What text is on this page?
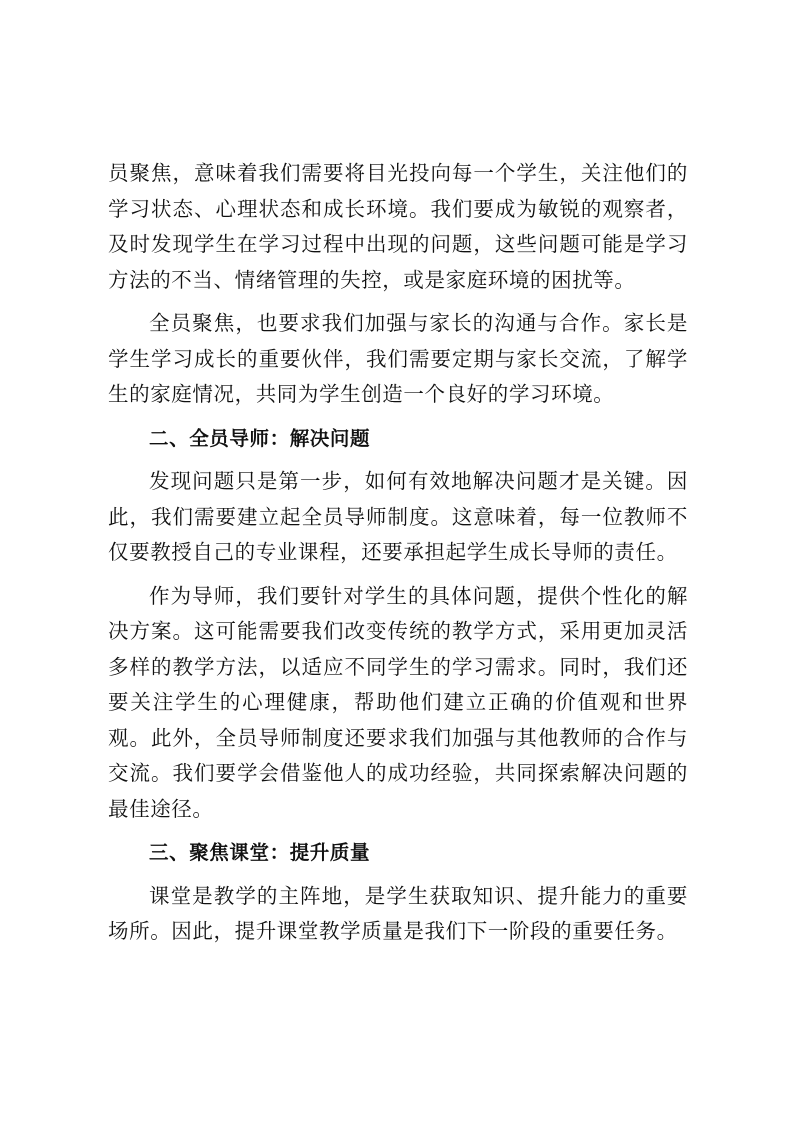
员聚焦，意味着我们需要将目光投向每一个学生，关注他们的学习状态、心理状态和成长环境。我们要成为敏锐的观察者，及时发现学生在学习过程中出现的问题，这些问题可能是学习方法的不当、情绪管理的失控，或是家庭环境的困扰等。

全员聚焦，也要求我们加强与家长的沟通与合作。家长是学生学习成长的重要伙伴，我们需要定期与家长交流，了解学生的家庭情况，共同为学生创造一个良好的学习环境。

二、全员导师：解决问题

发现问题只是第一步，如何有效地解决问题才是关键。因此，我们需要建立起全员导师制度。这意味着，每一位教师不仅要教授自己的专业课程，还要承担起学生成长导师的责任。

作为导师，我们要针对学生的具体问题，提供个性化的解决方案。这可能需要我们改变传统的教学方式，采用更加灵活多样的教学方法，以适应不同学生的学习需求。同时，我们还要关注学生的心理健康，帮助他们建立正确的价值观和世界观。此外，全员导师制度还要求我们加强与其他教师的合作与交流。我们要学会借鉴他人的成功经验，共同探索解决问题的最佳途径。

三、聚焦课堂：提升质量

课堂是教学的主阵地，是学生获取知识、提升能力的重要场所。因此，提升课堂教学质量是我们下一阶段的重要任务。
